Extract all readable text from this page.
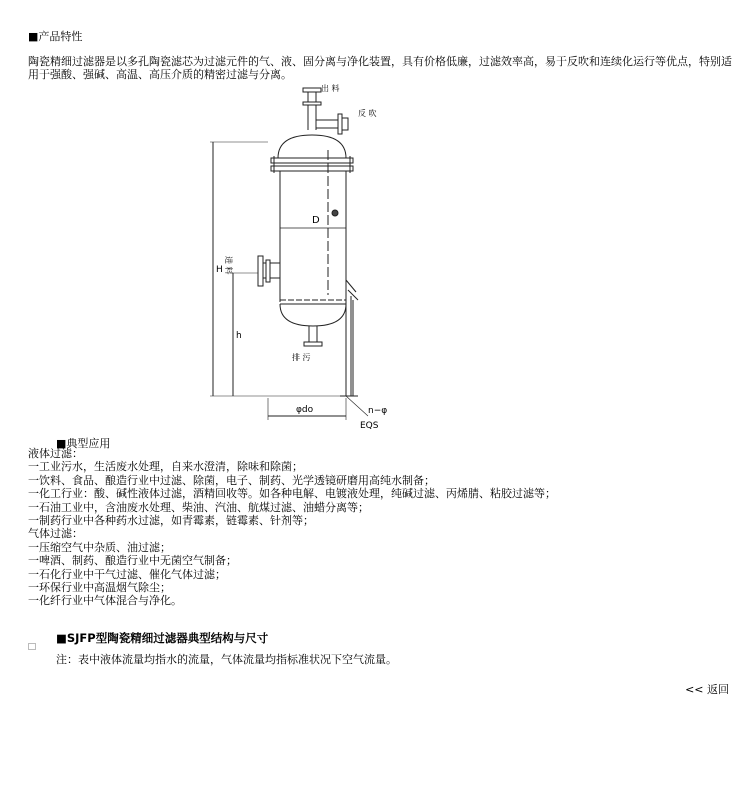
■产品特性
陶瓷精细过滤器是以多孔陶瓷滤芯为过滤元件的气、液、固分离与净化装置，具有价格低廉，过滤效率高，易于反吹和连续化运行等优点，特别适用于强酸、强碱、高温、高压介质的精密过滤与分离。
出 料
反 吹
D
进 料
H
h
排 污
φdo	n−φ
EQS
■典型应用
液体过滤：
一工业污水，生活废水处理，自来水澄清，除味和除菌；
一饮料、食品、酿造行业中过滤、除菌，电子、制药、光学透镜研磨用高纯水制备；
一化工行业：酸、碱性液体过滤，酒精回收等。如各种电解、电镀液处理，纯碱过滤、丙烯腈、粘胶过滤等；
一石油工业中，含油废水处理、柴油、汽油、航煤过滤、油蜡分离等；
一制药行业中各种药水过滤，如青霉素，链霉素、针剂等；
气体过滤：
一压缩空气中杂质、油过滤；
一啤酒、制药、酿造行业中无菌空气制备；
一石化行业中干气过滤、催化气体过滤；
一环保行业中高温烟气除尘；
一化纤行业中气体混合与净化。
■SJFP型陶瓷精细过滤器典型结构与尺寸
注：表中液体流量均指水的流量，气体流量均指标准状况下空气流量。
<< 返回
